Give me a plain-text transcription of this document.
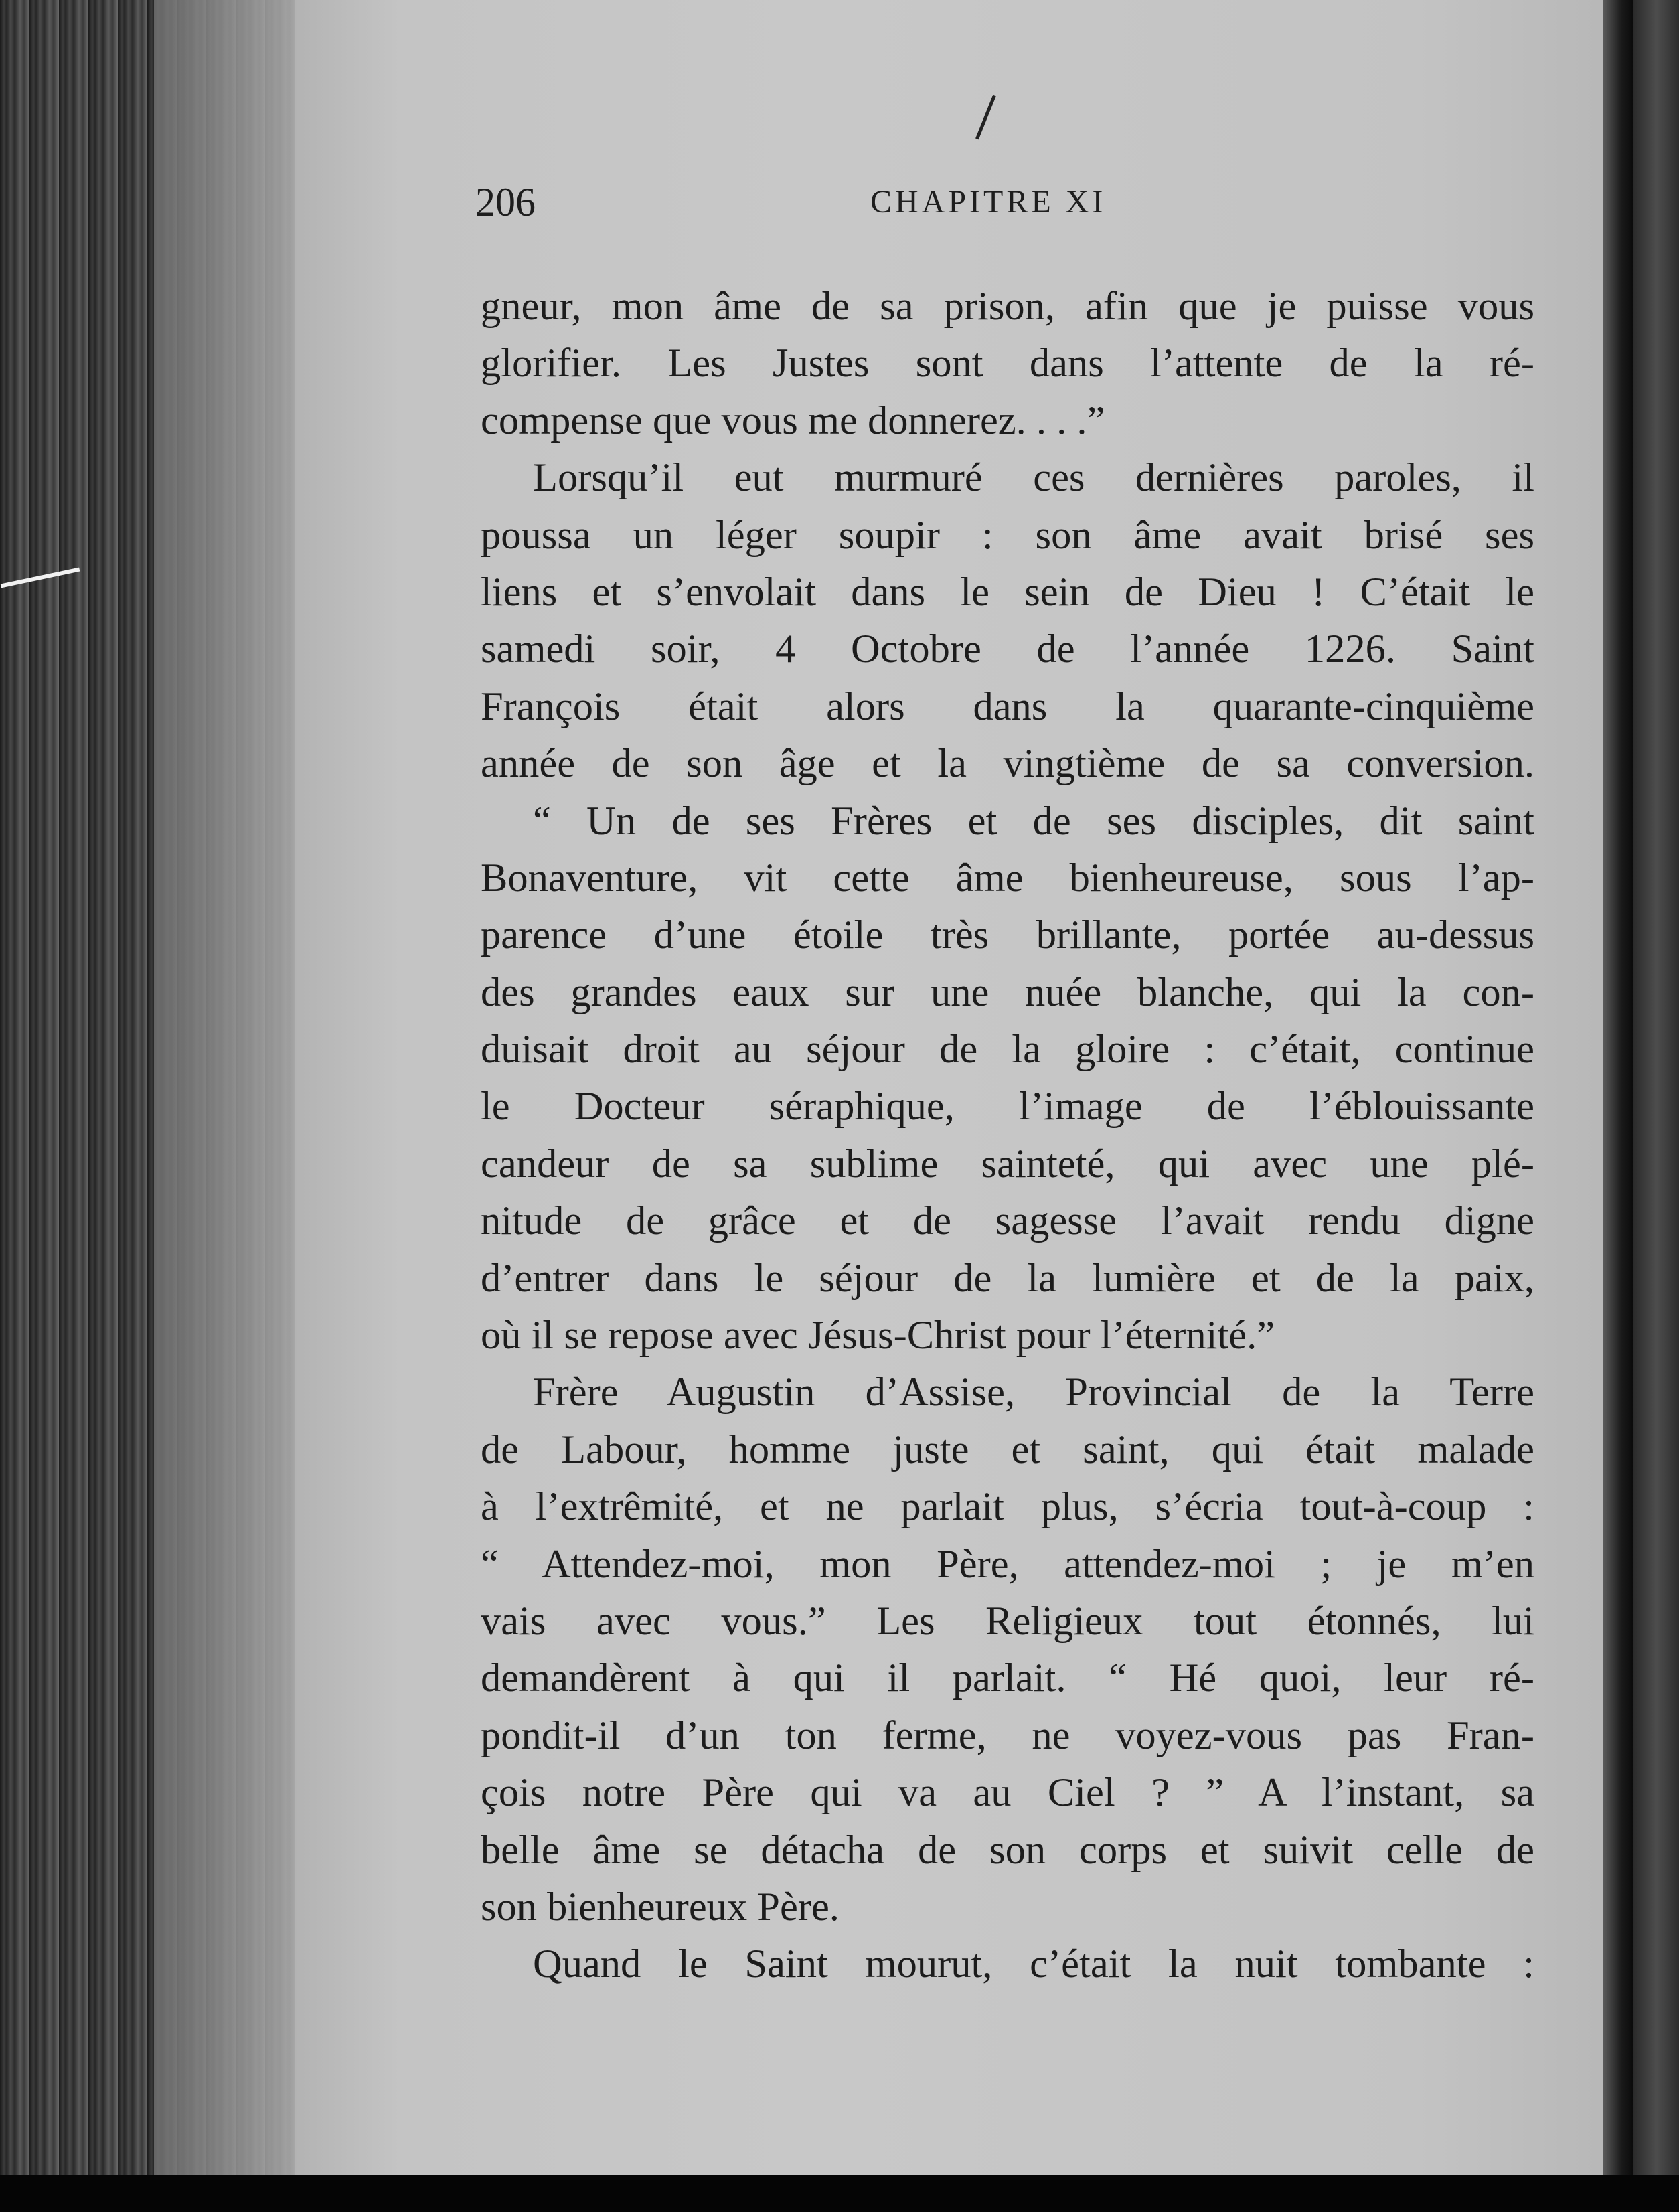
206	CHAPITRE XI
gneur, mon âme de sa prison, afin que je puisse vous
glorifier. Les Justes sont dans l’attente de la ré-
compense que vous me donnerez. . . .”
Lorsqu’il eut murmuré ces dernières paroles, il
poussa un léger soupir : son âme avait brisé ses
liens et s’envolait dans le sein de Dieu ! C’était le
samedi soir, 4 Octobre de l’année 1226. Saint
François était alors dans la quarante-cinquième
année de son âge et la vingtième de sa conversion.
“ Un de ses Frères et de ses disciples, dit saint
Bonaventure, vit cette âme bienheureuse, sous l’ap-
parence d’une étoile très brillante, portée au-dessus
des grandes eaux sur une nuée blanche, qui la con-
duisait droit au séjour de la gloire : c’était, continue
le Docteur séraphique, l’image de l’éblouissante
candeur de sa sublime sainteté, qui avec une plé-
nitude de grâce et de sagesse l’avait rendu digne
d’entrer dans le séjour de la lumière et de la paix,
où il se repose avec Jésus-Christ pour l’éternité.”
Frère Augustin d’Assise, Provincial de la Terre
de Labour, homme juste et saint, qui était malade
à l’extrêmité, et ne parlait plus, s’écria tout-à-coup :
“ Attendez-moi, mon Père, attendez-moi ; je m’en
vais avec vous.” Les Religieux tout étonnés, lui
demandèrent à qui il parlait. “ Hé quoi, leur ré-
pondit-il d’un ton ferme, ne voyez-vous pas Fran-
çois notre Père qui va au Ciel ? ” A l’instant, sa
belle âme se détacha de son corps et suivit celle de
son bienheureux Père.
Quand le Saint mourut, c’était la nuit tombante :
